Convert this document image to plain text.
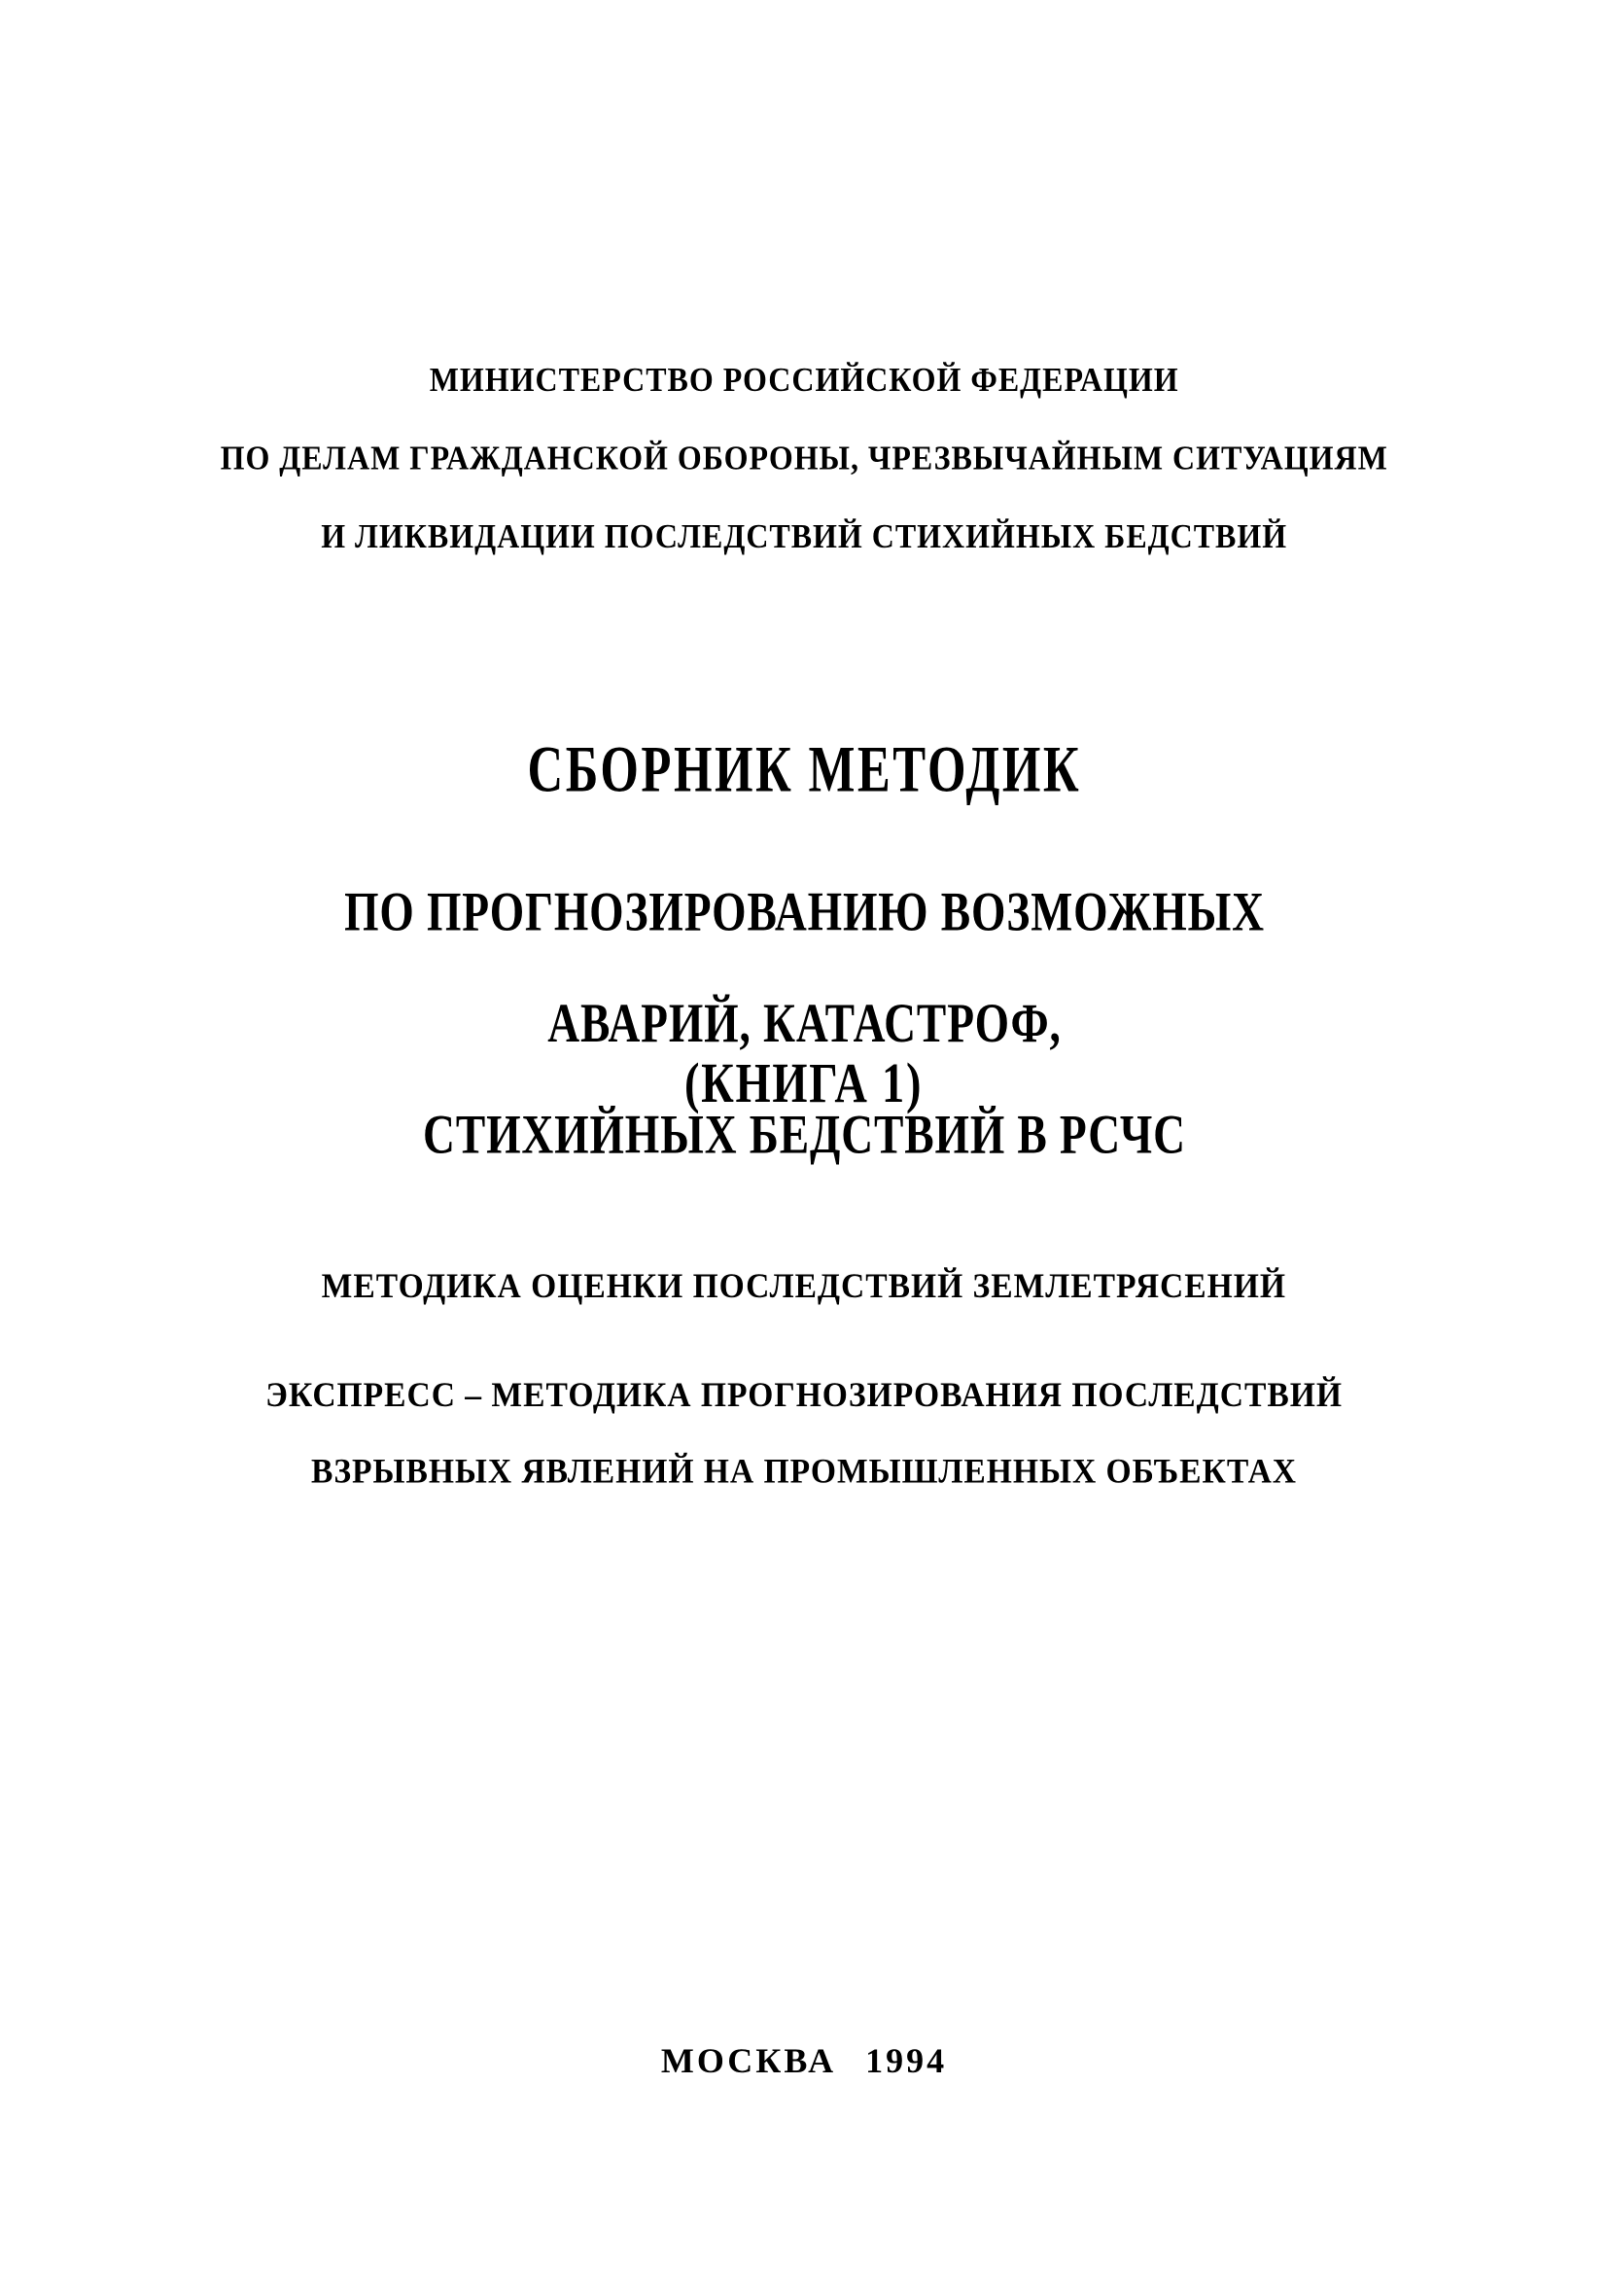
МИНИСТЕРСТВО РОССИЙСКОЙ ФЕДЕРАЦИИ

ПО ДЕЛАМ ГРАЖДАНСКОЙ ОБОРОНЫ, ЧРЕЗВЫЧАЙНЫМ СИТУАЦИЯМ

И ЛИКВИДАЦИИ ПОСЛЕДСТВИЙ СТИХИЙНЫХ БЕДСТВИЙ

СБОРНИК МЕТОДИК

ПО ПРОГНОЗИРОВАНИЮ ВОЗМОЖНЫХ

АВАРИЙ, КАТАСТРОФ,

СТИХИЙНЫХ БЕДСТВИЙ В РСЧС

(КНИГА 1)

МЕТОДИКА ОЦЕНКИ ПОСЛЕДСТВИЙ ЗЕМЛЕТРЯСЕНИЙ

ЭКСПРЕСС – МЕТОДИКА ПРОГНОЗИРОВАНИЯ ПОСЛЕДСТВИЙ

ВЗРЫВНЫХ ЯВЛЕНИЙ НА ПРОМЫШЛЕННЫХ ОБЪЕКТАХ

МОСКВА 1994
